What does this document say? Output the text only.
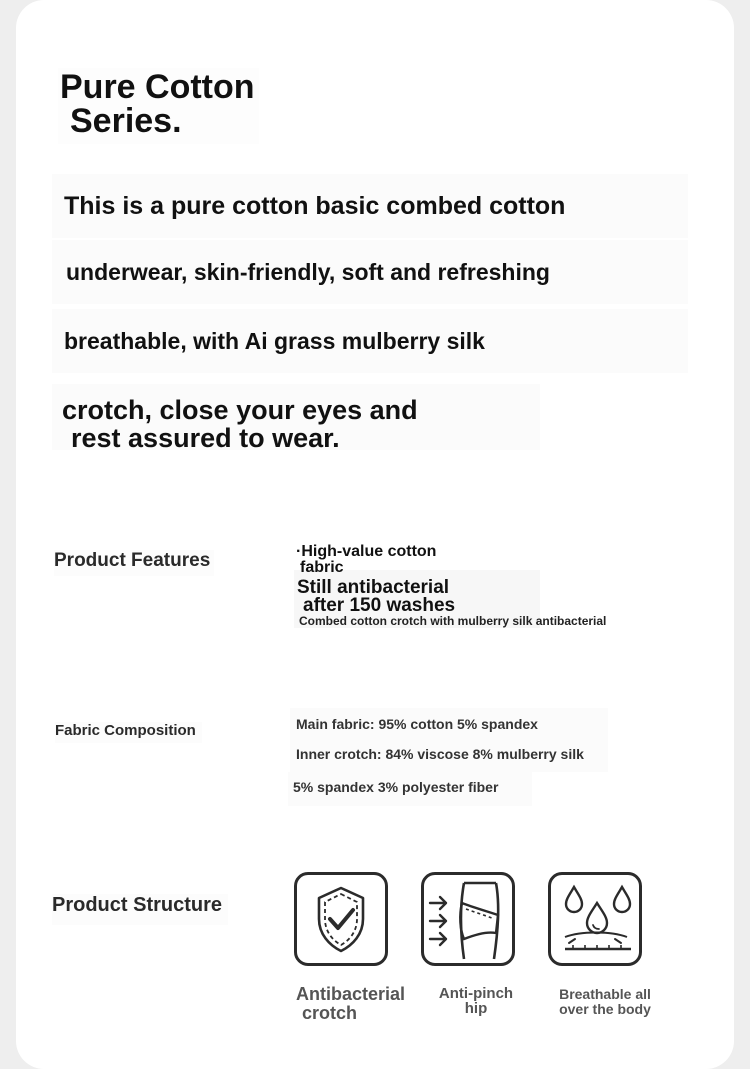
Pure Cotton
Series.
This is a pure cotton basic combed cotton
underwear, skin-friendly, soft and refreshing
breathable, with Ai grass mulberry silk
crotch, close your eyes and
rest assured to wear.
Product Features	·High-value cotton
fabric
Still antibacterial
after 150 washes
Combed cotton crotch with mulberry silk antibacterial
Fabric Composition	Main fabric: 95% cotton 5% spandex
Inner crotch: 84% viscose 8% mulberry silk
5% spandex 3% polyester fiber
Product Structure
Antibacterial
crotch
Anti-pinch
hip
Breathable all
over the body
